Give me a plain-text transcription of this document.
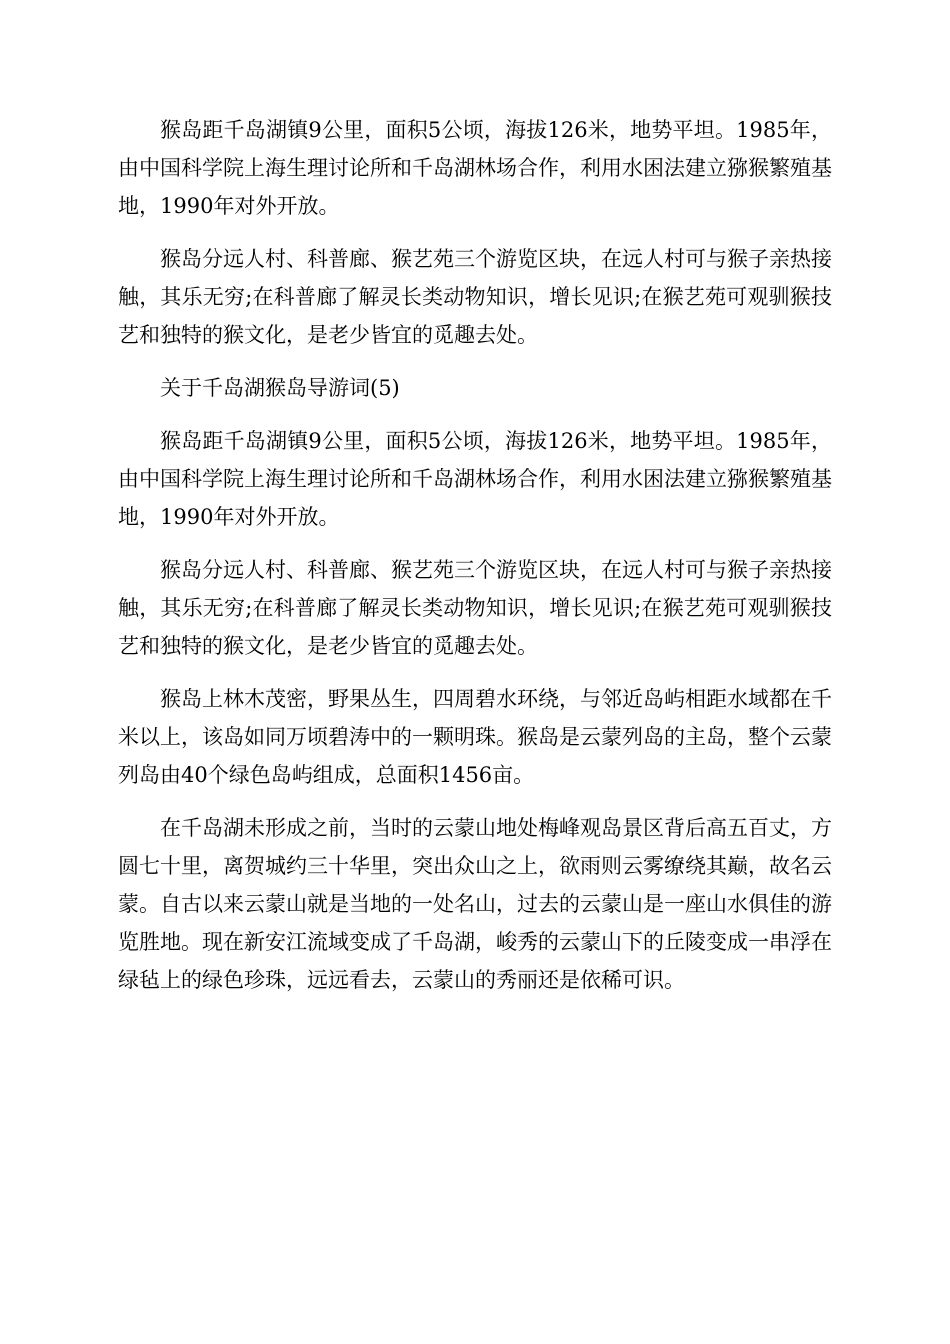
猴岛距千岛湖镇9公里，面积5公顷，海拔126米，地势平坦。1985年，由中国科学院上海生理讨论所和千岛湖林场合作，利用水困法建立猕猴繁殖基地，1990年对外开放。

猴岛分远人村、科普廊、猴艺苑三个游览区块，在远人村可与猴子亲热接触，其乐无穷;在科普廊了解灵长类动物知识，增长见识;在猴艺苑可观驯猴技艺和独特的猴文化，是老少皆宜的觅趣去处。

关于千岛湖猴岛导游词(5)

猴岛距千岛湖镇9公里，面积5公顷，海拔126米，地势平坦。1985年，由中国科学院上海生理讨论所和千岛湖林场合作，利用水困法建立猕猴繁殖基地，1990年对外开放。

猴岛分远人村、科普廊、猴艺苑三个游览区块，在远人村可与猴子亲热接触，其乐无穷;在科普廊了解灵长类动物知识，增长见识;在猴艺苑可观驯猴技艺和独特的猴文化，是老少皆宜的觅趣去处。

猴岛上林木茂密，野果丛生，四周碧水环绕，与邻近岛屿相距水域都在千米以上，该岛如同万顷碧涛中的一颗明珠。猴岛是云蒙列岛的主岛，整个云蒙列岛由40个绿色岛屿组成，总面积1456亩。

在千岛湖未形成之前，当时的云蒙山地处梅峰观岛景区背后高五百丈，方圆七十里，离贺城约三十华里，突出众山之上，欲雨则云雾缭绕其巅，故名云蒙。自古以来云蒙山就是当地的一处名山，过去的云蒙山是一座山水俱佳的游览胜地。现在新安江流域变成了千岛湖，峻秀的云蒙山下的丘陵变成一串浮在绿毡上的绿色珍珠，远远看去，云蒙山的秀丽还是依稀可识。
